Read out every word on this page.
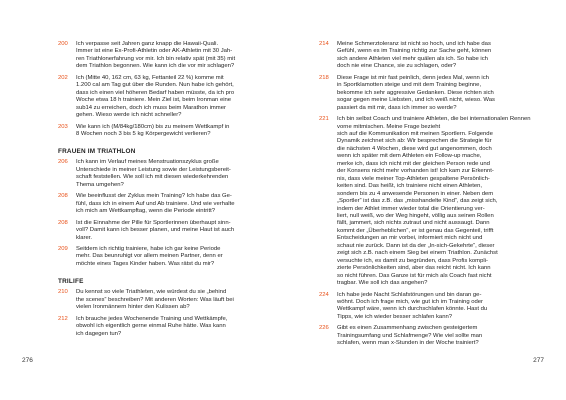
200 Ich verpasse seit Jahren ganz knapp die Hawaii-Quali.
Immer ist eine Ex-Profi-Athletin oder AK-Athletin mit 30 Jah-
ren Triathlonerfahrung vor mir. Ich bin relativ spät (mit 35) mit
dem Triathlon begonnen. Wie kann ich die vor mir schlagen?
202 Ich (Mitte 40, 162 cm, 63 kg, Fettanteil 22 %) komme mit
1.200 cal am Tag gut über die Runden. Nun habe ich gehört,
dass ich einen viel höheren Bedarf haben müsste, da ich pro
Woche etwa 18 h trainiere. Mein Ziel ist, beim Ironman eine
sub14 zu erreichen, doch ich muss beim Marathon immer
gehen. Wieso werde ich nicht schneller?
203 Wie kann ich (M/84kg/180cm) bis zu meinem Wettkampf in
8 Wochen noch 3 bis 5 kg Körpergewicht verlieren?
FRAUEN IM TRIATHLON
206 Ich kann im Verlauf meines Menstruationszyklus große
Unterschiede in meiner Leistung sowie der Leistungsbereit-
schaft feststellen. Wie soll ich mit diesen wiederkehrenden
Thema umgehen?
208 Wie beeinflusst der Zyklus mein Training? Ich habe das Ge-
fühl, dass ich in einem Auf und Ab trainiere. Und wie verhalte
ich mich am Wettkampftag, wenn die Periode eintritt?
208 Ist die Einnahme der Pille für Sportlerinnen überhaupt sinn-
voll? Damit kann ich besser planen, und meine Haut ist auch
klarer.
209 Seitdem ich richtig trainiere, habe ich gar keine Periode
mehr. Das beunruhigt vor allem meinen Partner, denn er
möchte eines Tages Kinder haben. Was rätst du mir?
TRILIFE
210 Du kennst so viele Triathleten, wie würdest du sie „behind
the scenes“ beschreiben? Mit anderen Worten: Was läuft bei
vielen Ironmännern hinter den Kulissen ab?
212 Ich brauche jedes Wochenende Training und Wettkämpfe,
obwohl ich eigentlich gerne einmal Ruhe hätte. Was kann
ich dagegen tun?
276
214 Meine Schmerztoleranz ist nicht so hoch, und ich habe das
Gefühl, wenn es im Training richtig zur Sache geht, können
sich andere Athleten viel mehr quälen als ich. So habe ich
doch nie eine Chance, sie zu schlagen, oder?
218 Diese Frage ist mir fast peinlich, denn jedes Mal, wenn ich
in Sportklamotten steige und mit dem Training beginne,
bekomme ich sehr aggressive Gedanken. Diese richten sich
sogar gegen meine Liebsten, und ich weiß nicht, wieso. Was
passiert da mit mir, dass ich immer so werde?
221 Ich bin selbst Coach und trainiere Athleten, die bei internationalen Rennen vorne mitmischen. Meine Frage bezieht
sich auf die Kommunikation mit meinen Sportlern. Folgende
Dynamik zeichnet sich ab: Wir besprechen die Strategie für
die nächsten 4 Wochen, diese wird gut angenommen, doch
wenn ich später mit dem Athleten ein Follow-up mache,
merke ich, dass ich nicht mit der gleichen Person rede und
der Konsens nicht mehr vorhanden ist! Ich kam zur Erkennt-
nis, dass viele meiner Top-Athleten gespaltene Persönlich-
keiten sind. Das heißt, ich trainiere nicht einen Athleten,
sondern bis zu 4 anwesende Personen in einer. Neben dem
„Sportler“ ist das z.B. das „misshandelte Kind“, das zeigt sich,
indem der Athlet immer wieder total die Orientierung ver-
liert, null weiß, wo der Weg hingeht, völlig aus seinen Rollen
fällt, jammert, sich nichts zutraut und nicht aussaugt. Dann
kommt der „Überheblichen“, er ist genau das Gegenteil, trifft
Entscheidungen an mir vorbei, informiert mich nicht und
schaut nie zurück. Dann ist da der „In-sich-Gekehrte“, dieser
zeigt sich z.B. nach einem Sieg bei einem Triathlon. Zunächst
versuchte ich, es damit zu begründen, dass Profis kompli-
zierte Persönlichkeiten sind, aber das reicht nicht. Ich kann
so nicht führen. Das Ganze ist für mich als Coach fast nicht
tragbar. Wie soll ich das angehen?
224 Ich habe jede Nacht Schlafstörungen und bin daran ge-
wöhnt. Doch ich frage mich, wie gut ich im Training oder
Wettkampf wäre, wenn ich durchschlafen könnte. Hast du
Tipps, wie ich wieder besser schlafen kann?
226 Gibt es einen Zusammenhang zwischen gesteigertem
Trainingsumfang und Schlafmenge? Wie viel sollte man
schlafen, wenn man x-Stunden in der Woche trainiert?
277
